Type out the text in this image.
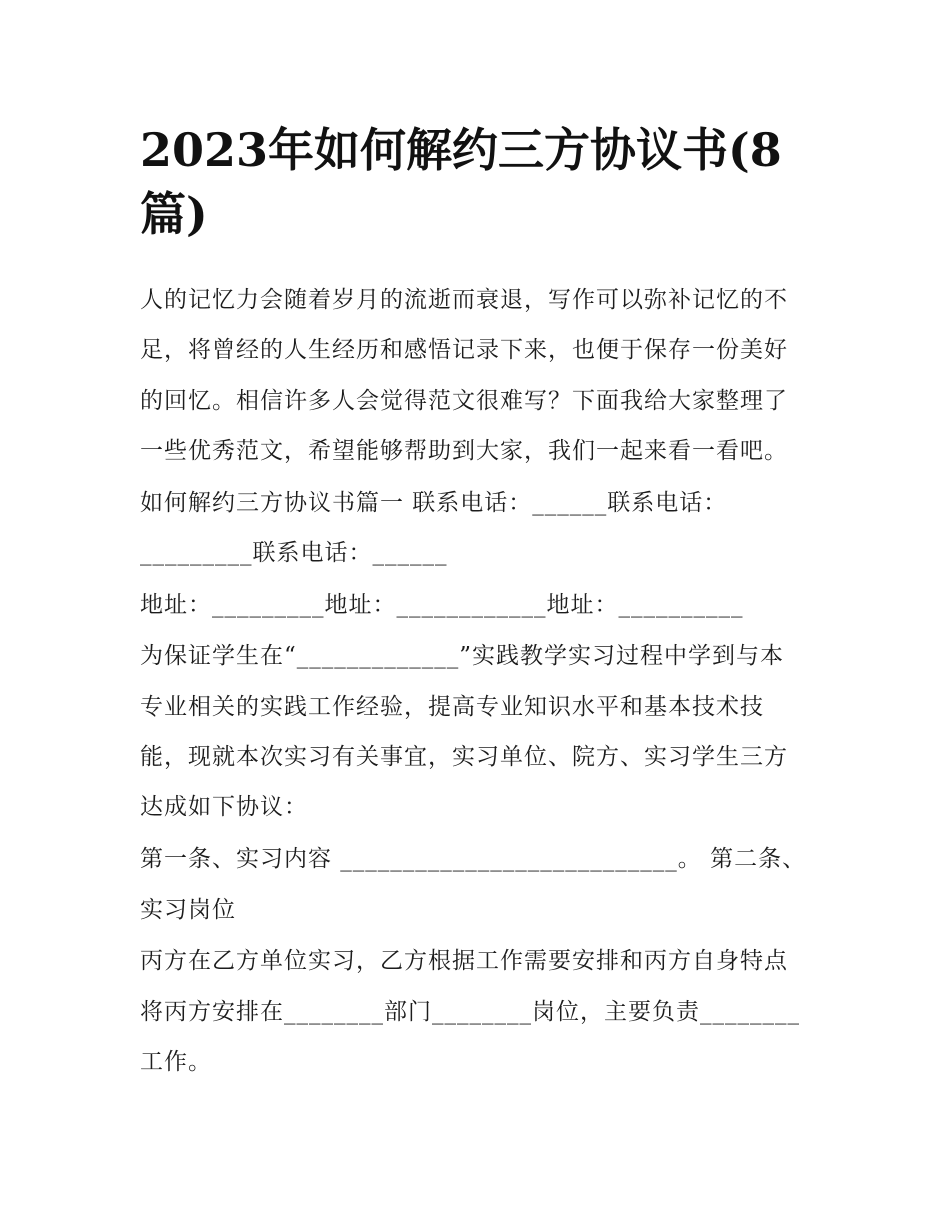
2023年如何解约三方协议书(8
篇)
人的记忆力会随着岁月的流逝而衰退，写作可以弥补记忆的不
足，将曾经的人生经历和感悟记录下来，也便于保存一份美好
的回忆。相信许多人会觉得范文很难写？下面我给大家整理了
一些优秀范文，希望能够帮助到大家，我们一起来看一看吧。
如何解约三方协议书篇一 联系电话：______联系电话：
_________联系电话：______
地址：_________地址：____________地址：__________
为保证学生在“_____________”实践教学实习过程中学到与本
专业相关的实践工作经验，提高专业知识水平和基本技术技
能，现就本次实习有关事宜，实习单位、院方、实习学生三方
达成如下协议：
第一条、实习内容 ___________________________。 第二条、
实习岗位
丙方在乙方单位实习，乙方根据工作需要安排和丙方自身特点
将丙方安排在________部门________岗位，主要负责________
工作。
